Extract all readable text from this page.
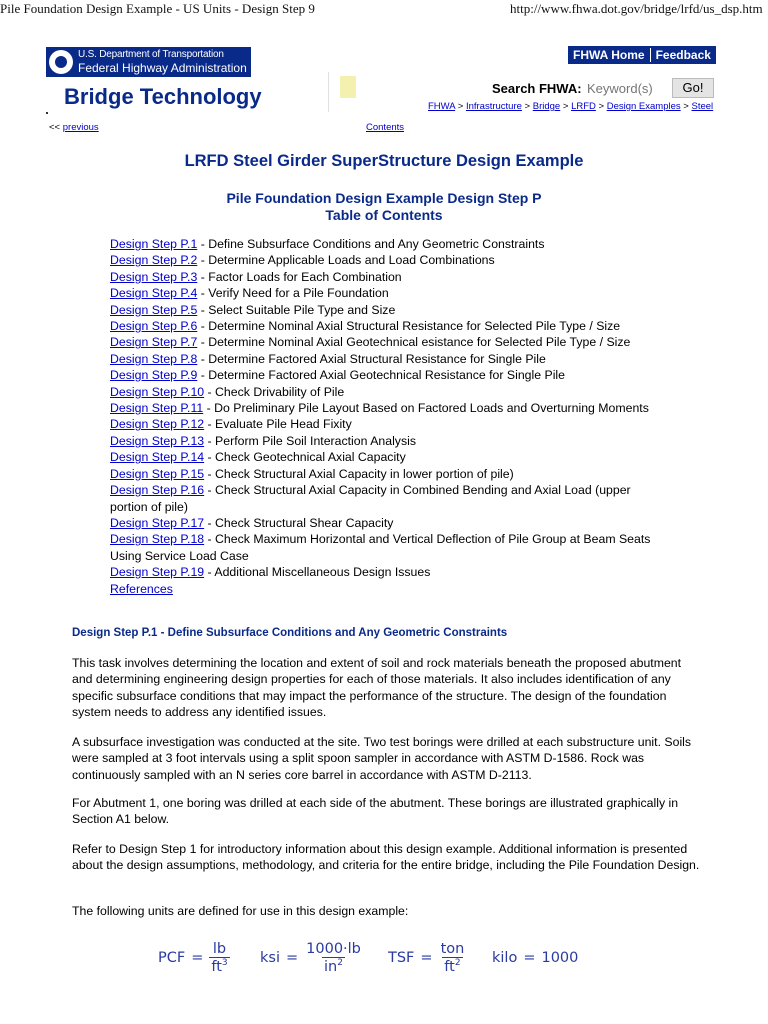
Pile Foundation Design Example - US Units - Design Step 9	http://www.fhwa.dot.gov/bridge/lrfd/us_dsp.htm
U.S. Department of Transportation
Federal Highway Administration
Bridge Technology
FHWA Home Feedback
Search FHWA:
Keyword(s)	Go!
FHWA > Infrastructure > Bridge > LRFD > Design Examples > Steel
<< previous	Contents
LRFD Steel Girder SuperStructure Design Example
Pile Foundation Design Example Design Step P
Table of Contents
Design Step P.1 - Define Subsurface Conditions and Any Geometric Constraints
Design Step P.2 - Determine Applicable Loads and Load Combinations
Design Step P.3 - Factor Loads for Each Combination
Design Step P.4 - Verify Need for a Pile Foundation
Design Step P.5 - Select Suitable Pile Type and Size
Design Step P.6 - Determine Nominal Axial Structural Resistance for Selected Pile Type / Size
Design Step P.7 - Determine Nominal Axial Geotechnical esistance for Selected Pile Type / Size
Design Step P.8 - Determine Factored Axial Structural Resistance for Single Pile
Design Step P.9 - Determine Factored Axial Geotechnical Resistance for Single Pile
Design Step P.10 - Check Drivability of Pile
Design Step P.11 - Do Preliminary Pile Layout Based on Factored Loads and Overturning Moments
Design Step P.12 - Evaluate Pile Head Fixity
Design Step P.13 - Perform Pile Soil Interaction Analysis
Design Step P.14 - Check Geotechnical Axial Capacity
Design Step P.15 - Check Structural Axial Capacity in lower portion of pile)
Design Step P.16 - Check Structural Axial Capacity in Combined Bending and Axial Load (upper portion of pile)
Design Step P.17 - Check Structural Shear Capacity
Design Step P.18 - Check Maximum Horizontal and Vertical Deflection of Pile Group at Beam Seats Using Service Load Case
Design Step P.19 - Additional Miscellaneous Design Issues
References
Design Step P.1 - Define Subsurface Conditions and Any Geometric Constraints

This task involves determining the location and extent of soil and rock materials beneath the proposed abutment and determining engineering design properties for each of those materials. It also includes identification of any specific subsurface conditions that may impact the performance of the structure. The design of the foundation system needs to address any identified issues.

A subsurface investigation was conducted at the site. Two test borings were drilled at each substructure unit. Soils were sampled at 3 foot intervals using a split spoon sampler in accordance with ASTM D-1586. Rock was continuously sampled with an N series core barrel in accordance with ASTM D-2113.

For Abutment 1, one boring was drilled at each side of the abutment. These borings are illustrated graphically in Section A1 below.

Refer to Design Step 1 for introductory information about this design example. Additional information is presented about the design assumptions, methodology, and criteria for the entire bridge, including the Pile Foundation Design.

The following units are defined for use in this design example:

PCF = $\frac{lb}{ft^3}$ ksi = $\frac{1000\cdot lb}{in^2}$ TSF = $\frac{\text{ton}}{ft^2}$ kilo = 1000
